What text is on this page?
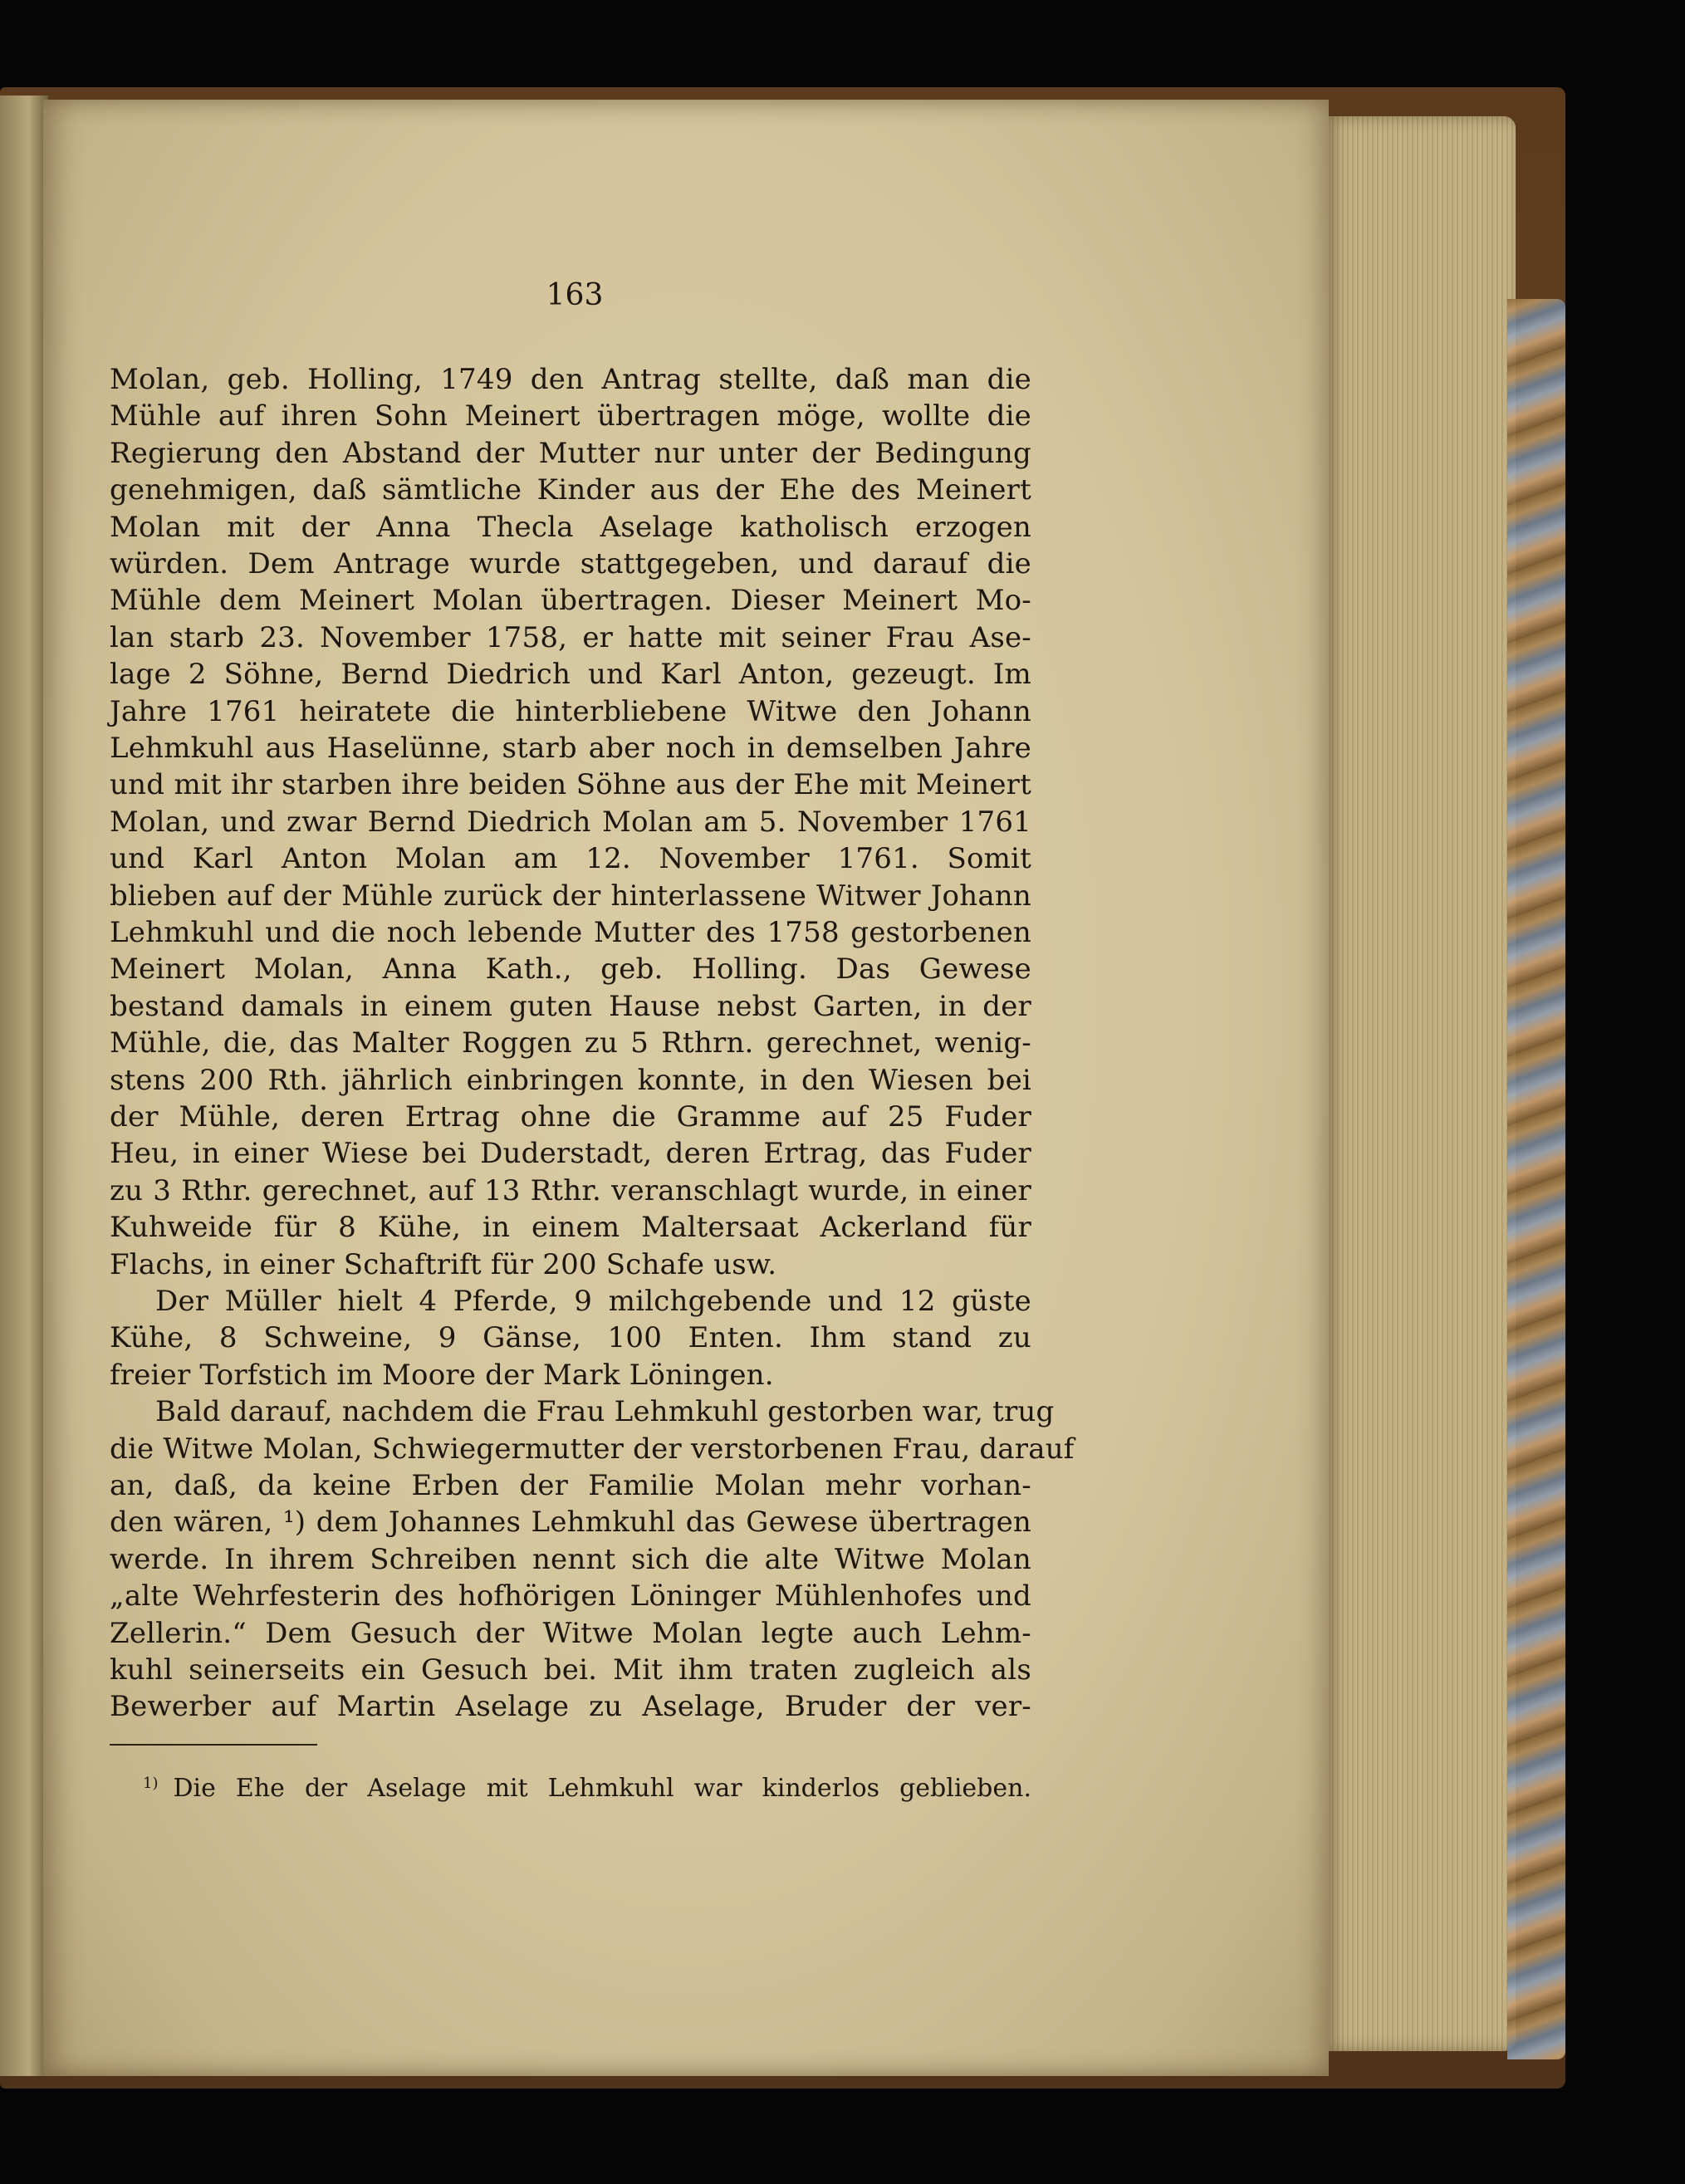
163
Molan, geb. Holling, 1749 den Antrag stellte, daß man die
Mühle auf ihren Sohn Meinert übertragen möge, wollte die
Regierung den Abstand der Mutter nur unter der Bedingung
genehmigen, daß sämtliche Kinder aus der Ehe des Meinert
Molan mit der Anna Thecla Aselage katholisch erzogen
würden. Dem Antrage wurde stattgegeben, und darauf die
Mühle dem Meinert Molan übertragen. Dieser Meinert Mo-
lan starb 23. November 1758, er hatte mit seiner Frau Ase-
lage 2 Söhne, Bernd Diedrich und Karl Anton, gezeugt. Im
Jahre 1761 heiratete die hinterbliebene Witwe den Johann
Lehmkuhl aus Haselünne, starb aber noch in demselben Jahre
und mit ihr starben ihre beiden Söhne aus der Ehe mit Meinert
Molan, und zwar Bernd Diedrich Molan am 5. November 1761
und Karl Anton Molan am 12. November 1761. Somit
blieben auf der Mühle zurück der hinterlassene Witwer Johann
Lehmkuhl und die noch lebende Mutter des 1758 gestorbenen
Meinert Molan, Anna Kath., geb. Holling. Das Gewese
bestand damals in einem guten Hause nebst Garten, in der
Mühle, die, das Malter Roggen zu 5 Rthrn. gerechnet, wenig-
stens 200 Rth. jährlich einbringen konnte, in den Wiesen bei
der Mühle, deren Ertrag ohne die Gramme auf 25 Fuder
Heu, in einer Wiese bei Duderstadt, deren Ertrag, das Fuder
zu 3 Rthr. gerechnet, auf 13 Rthr. veranschlagt wurde, in einer
Kuhweide für 8 Kühe, in einem Maltersaat Ackerland für
Flachs, in einer Schaftrift für 200 Schafe usw.
Der Müller hielt 4 Pferde, 9 milchgebende und 12 güste
Kühe, 8 Schweine, 9 Gänse, 100 Enten. Ihm stand zu
freier Torfstich im Moore der Mark Löningen.
Bald darauf, nachdem die Frau Lehmkuhl gestorben war, trug
die Witwe Molan, Schwiegermutter der verstorbenen Frau, darauf
an, daß, da keine Erben der Familie Molan mehr vorhan-
den wären, ¹) dem Johannes Lehmkuhl das Gewese übertragen
werde. In ihrem Schreiben nennt sich die alte Witwe Molan
„alte Wehrfesterin des hofhörigen Löninger Mühlenhofes und
Zellerin.“ Dem Gesuch der Witwe Molan legte auch Lehm-
kuhl seinerseits ein Gesuch bei. Mit ihm traten zugleich als
Bewerber auf Martin Aselage zu Aselage, Bruder der ver-
$^{1)}$ Die Ehe der Aselage mit Lehmkuhl war kinderlos geblieben.
